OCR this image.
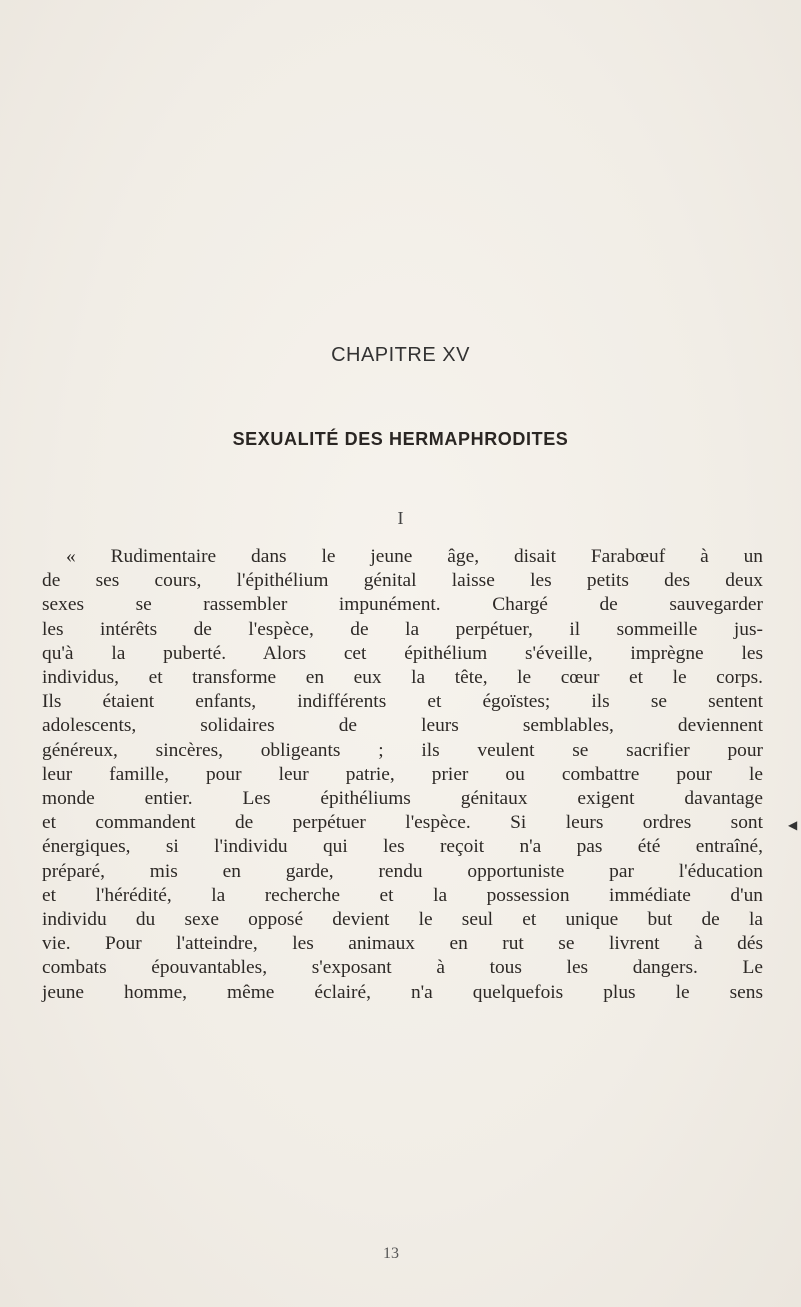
CHAPITRE XV
SEXUALITÉ DES HERMAPHRODITES
I
« Rudimentaire dans le jeune âge, disait Farabœuf à un
de ses cours, l'épithélium génital laisse les petits des deux
sexes se rassembler impunément. Chargé de sauvegarder
les intérêts de l'espèce, de la perpétuer, il sommeille jus-
qu'à la puberté. Alors cet épithélium s'éveille, imprègne les
individus, et transforme en eux la tête, le cœur et le corps.
Ils étaient enfants, indifférents et égoïstes; ils se sentent
adolescents, solidaires de leurs semblables, deviennent
généreux, sincères, obligeants ; ils veulent se sacrifier pour
leur famille, pour leur patrie, prier ou combattre pour le
monde entier. Les épithéliums génitaux exigent davantage
et commandent de perpétuer l'espèce. Si leurs ordres sont
énergiques, si l'individu qui les reçoit n'a pas été entraîné,
préparé, mis en garde, rendu opportuniste par l'éducation
et l'hérédité, la recherche et la possession immédiate d'un
individu du sexe opposé devient le seul et unique but de la
vie. Pour l'atteindre, les animaux en rut se livrent à dés
combats épouvantables, s'exposant à tous les dangers. Le
jeune homme, même éclairé, n'a quelquefois plus le sens
◀
13
